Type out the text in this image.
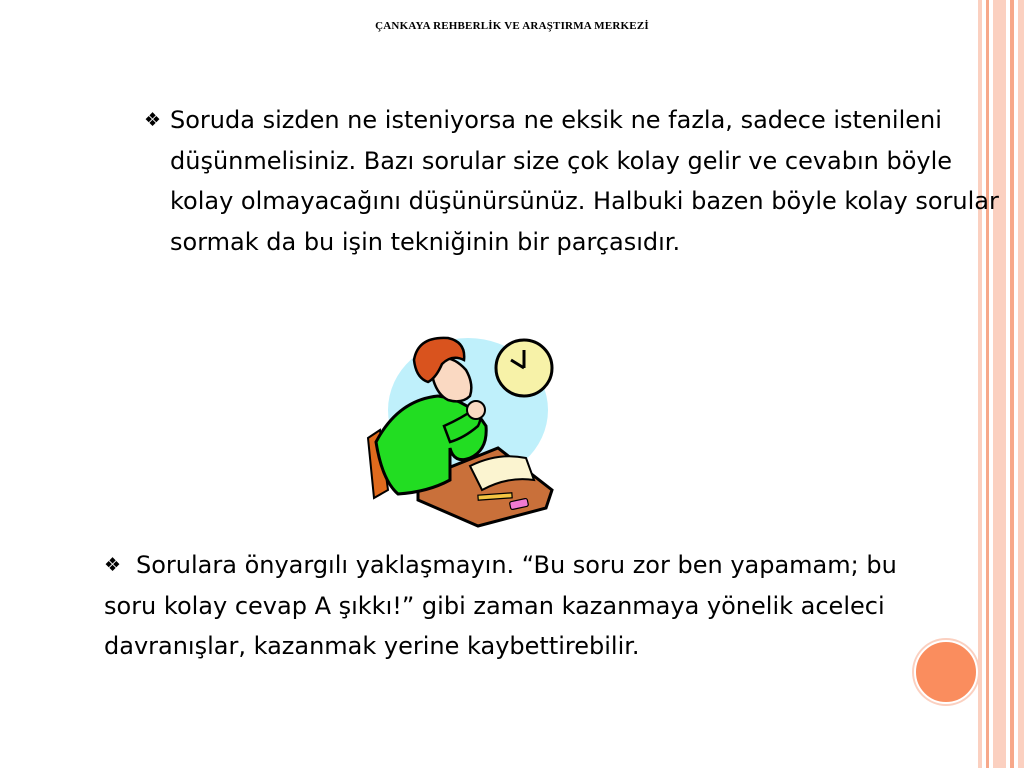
ÇANKAYA REHBERLİK VE ARAŞTIRMA MERKEZİ
❖ Soruda sizden ne isteniyorsa ne eksik ne fazla, sadece istenileni düşünmelisiniz. Bazı sorular size çok kolay gelir ve cevabın böyle kolay olmayacağını düşünürsünüz. Halbuki bazen böyle kolay sorular sormak da bu işin tekniğinin bir parçasıdır.
❖ Sorulara önyargılı yaklaşmayın. “Bu soru zor ben yapamam; bu soru kolay cevap A şıkkı!” gibi zaman kazanmaya yönelik aceleci davranışlar, kazanmak yerine kaybettirebilir.
